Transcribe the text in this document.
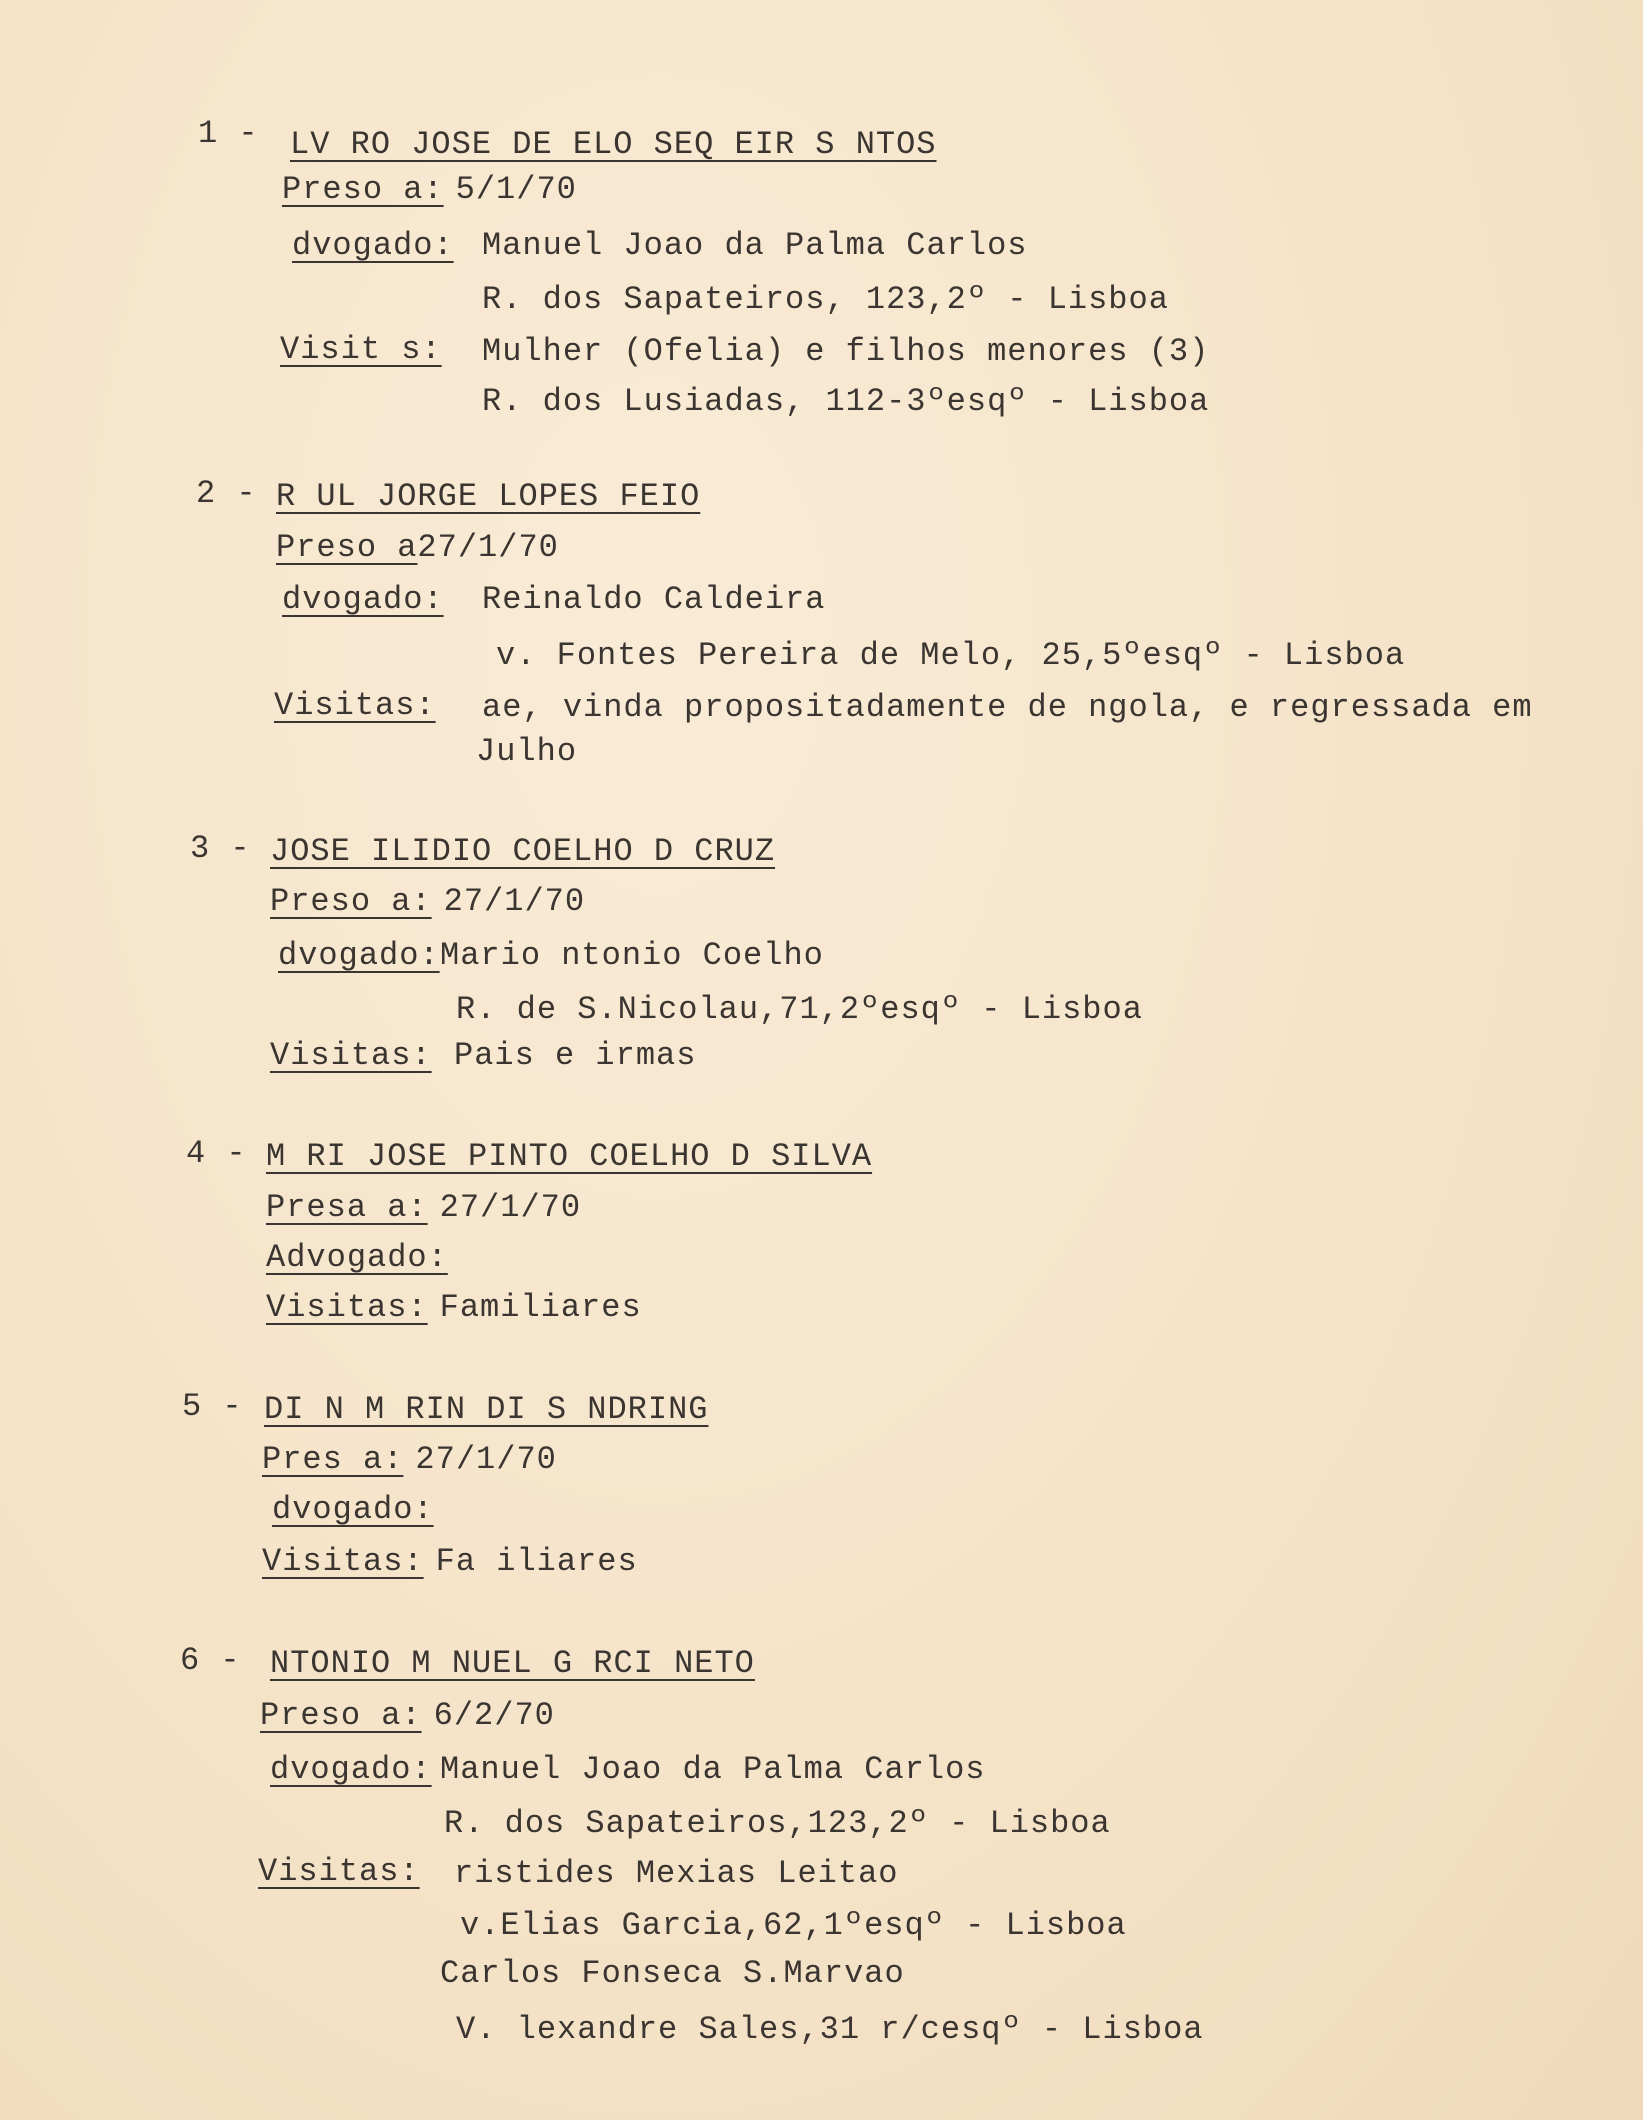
1 - LV RO JOSE DE ELO SEQ EIR S NTOS
Preso a: 5/1/70
dvogado: Manuel Joao da Palma Carlos
R. dos Sapateiros, 123,2º - Lisboa
Visit s: Mulher (Ofelia) e filhos menores (3)
R. dos Lusiadas, 112-3ºesqº - Lisboa
2 - R UL JORGE LOPES FEIO
Preso a27/1/70
dvogado: Reinaldo Caldeira
v. Fontes Pereira de Melo, 25,5ºesqº - Lisboa
Visitas: ae, vinda propositadamente de ngola, e regressada em
Julho
3 - JOSE ILIDIO COELHO D CRUZ
Preso a: 27/1/70
dvogado: Mario ntonio Coelho
R. de S.Nicolau,71,2ºesqº - Lisboa
Visitas: Pais e irmas
4 - M RI JOSE PINTO COELHO D SILVA
Presa a: 27/1/70
Advogado:
Visitas: Familiares
5 - DI N M RIN DI S NDRING
Pres a: 27/1/70
dvogado:
Visitas: Fa iliares
6 - NTONIO M NUEL G RCI NETO
Preso a: 6/2/70
dvogado: Manuel Joao da Palma Carlos
R. dos Sapateiros,123,2º - Lisboa
Visitas: ristides Mexias Leitao
v.Elias Garcia,62,1ºesqº - Lisboa
Carlos Fonseca S.Marvao
V. lexandre Sales,31 r/cesqº - Lisboa
